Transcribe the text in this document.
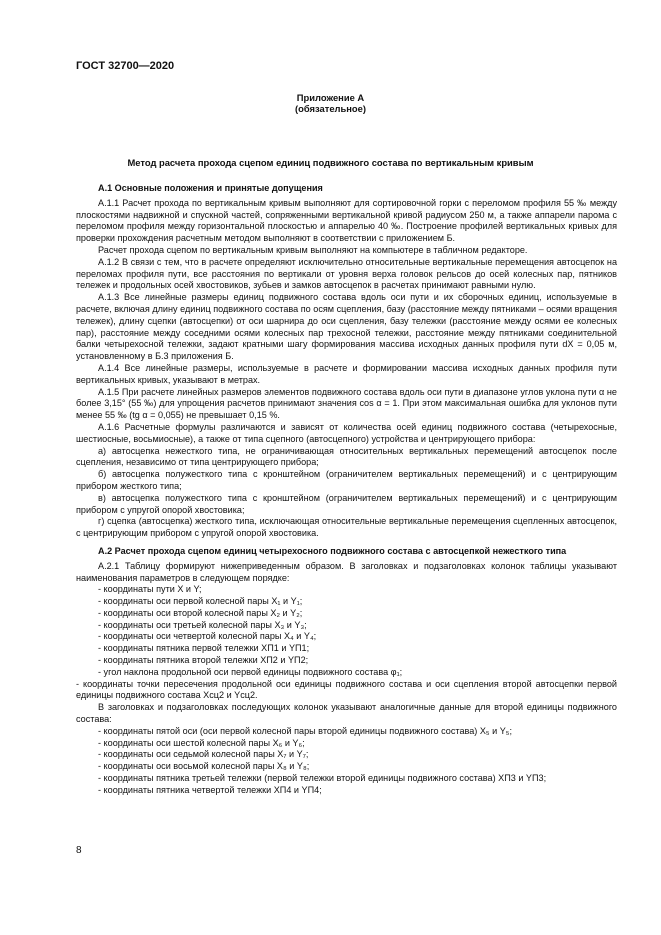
ГОСТ 32700—2020
Приложение А
(обязательное)
Метод расчета прохода сцепом единиц подвижного состава по вертикальным кривым

А.1 Основные положения и принятые допущения

А.1.1 Расчет прохода по вертикальным кривым выполняют для сортировочной горки с переломом профиля 55 ‰ между плоскостями надвижной и спускной частей, сопряженными вертикальной кривой радиусом 250 м, а также аппарели парома с переломом профиля между горизонтальной плоскостью и аппарелью 40 ‰. Построение профилей вертикальных кривых для проверки прохождения расчетным методом выполняют в соответствии с приложением Б.

Расчет прохода сцепом по вертикальным кривым выполняют на компьютере в табличном редакторе.

А.1.2 В связи с тем, что в расчете определяют исключительно относительные вертикальные перемещения автосцепок на переломах профиля пути, все расстояния по вертикали от уровня верха головок рельсов до осей колесных пар, пятников тележек и продольных осей хвостовиков, зубьев и замков автосцепок в расчетах принимают равными нулю.

А.1.3 Все линейные размеры единиц подвижного состава вдоль оси пути и их сборочных единиц, используемые в расчете, включая длину единиц подвижного состава по осям сцепления, базу (расстояние между пятниками – осями вращения тележек), длину сцепки (автосцепки) от оси шарнира до оси сцепления, базу тележки (расстояние между осями ее колесных пар), расстояние между соседними осями колесных пар трехосной тележки, расстояние между пятниками соединительной балки четырехосной тележки, задают кратными шагу формирования массива исходных данных профиля пути dX = 0,05 м, установленному в Б.3 приложения Б.

А.1.4 Все линейные размеры, используемые в расчете и формировании массива исходных данных профиля пути вертикальных кривых, указывают в метрах.

А.1.5 При расчете линейных размеров элементов подвижного состава вдоль оси пути в диапазоне углов уклона пути α не более 3,15° (55 ‰) для упрощения расчетов принимают значения cos α = 1. При этом максимальная ошибка для уклонов пути менее 55 ‰ (tg α = 0,055) не превышает 0,15 %.

А.1.6 Расчетные формулы различаются и зависят от количества осей единиц подвижного состава (четырехосные, шестиосные, восьмиосные), а также от типа сцепного (автосцепного) устройства и центрирующего прибора:

а) автосцепка нежесткого типа, не ограничивающая относительных вертикальных перемещений автосцепок после сцепления, независимо от типа центрирующего прибора;

б) автосцепка полужесткого типа с кронштейном (ограничителем вертикальных перемещений) и с центрирующим прибором жесткого типа;

в) автосцепка полужесткого типа с кронштейном (ограничителем вертикальных перемещений) и с центрирующим прибором с упругой опорой хвостовика;

г) сцепка (автосцепка) жесткого типа, исключающая относительные вертикальные перемещения сцепленных автосцепок, с центрирующим прибором с упругой опорой хвостовика.

А.2 Расчет прохода сцепом единиц четырехосного подвижного состава с автосцепкой нежесткого типа

А.2.1 Таблицу формируют нижеприведенным образом. В заголовках и подзаголовках колонок таблицы указывают наименования параметров в следующем порядке:

- координаты пути X и Y;

- координаты оси первой колесной пары X₁ и Y₁;

- координаты оси второй колесной пары X₂ и Y₂;

- координаты оси третьей колесной пары X₃ и Y₃;

- координаты оси четвертой колесной пары X₄ и Y₄;

- координаты пятника первой тележки XП1 и YП1;

- координаты пятника второй тележки XП2 и YП2;

- угол наклона продольной оси первой единицы подвижного состава φ₁;

- координаты точки пересечения продольной оси единицы подвижного состава и оси сцепления второй автосцепки первой единицы подвижного состава Xсц2 и Yсц2.

В заголовках и подзаголовках последующих колонок указывают аналогичные данные для второй единицы подвижного состава:

- координаты пятой оси (оси первой колесной пары второй единицы подвижного состава) X₅ и Y₅;

- координаты оси шестой колесной пары X₆ и Y₆;

- координаты оси седьмой колесной пары X₇ и Y₇;

- координаты оси восьмой колесной пары X₈ и Y₈;

- координаты пятника третьей тележки (первой тележки второй единицы подвижного состава) XП3 и YП3;

- координаты пятника четвертой тележки XП4 и YП4;

8
